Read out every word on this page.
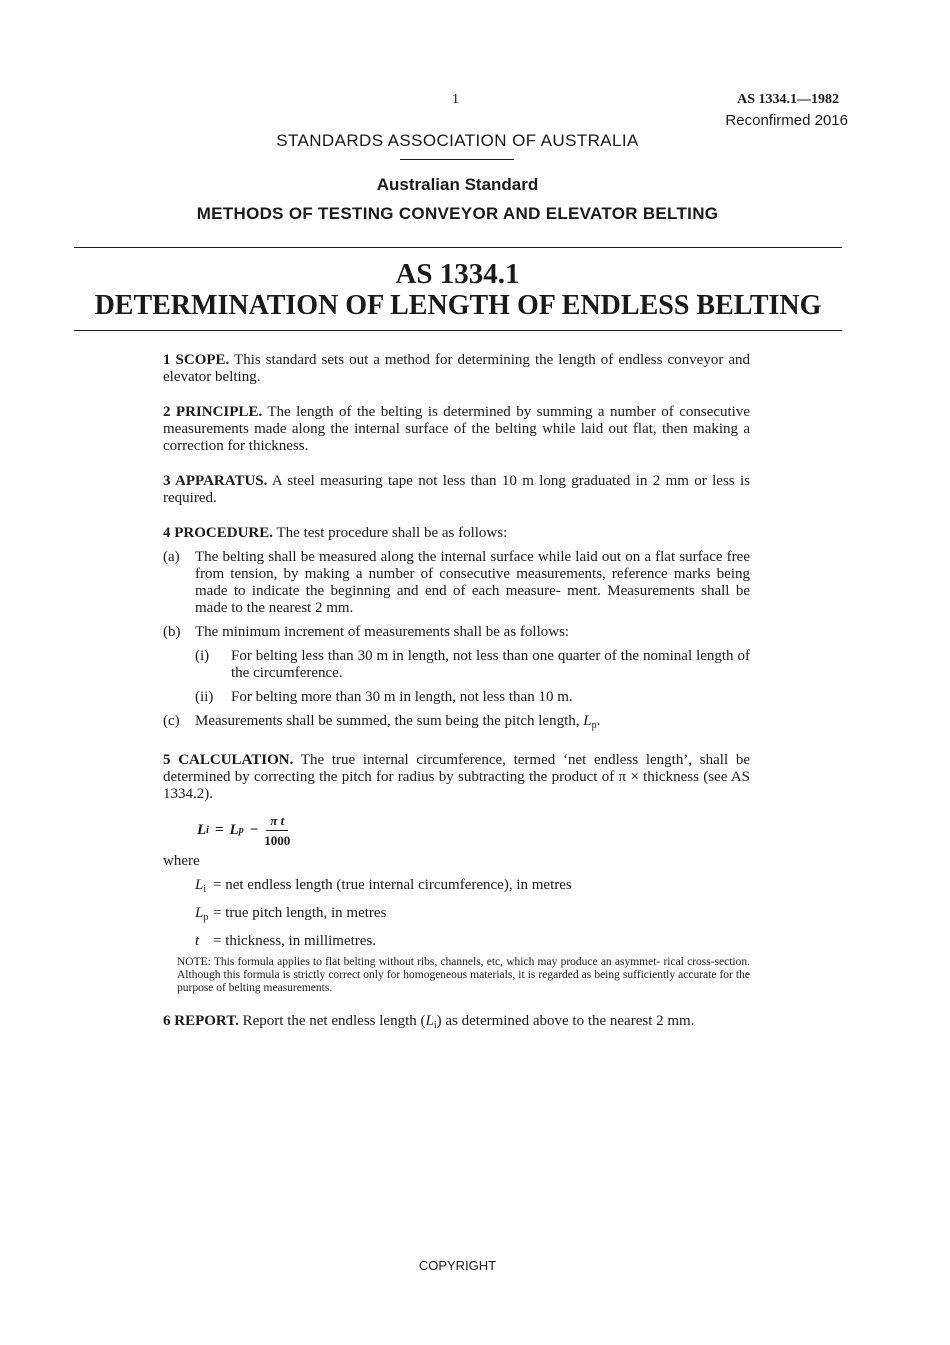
1	AS 1334.1—1982
Reconfirmed 2016
STANDARDS ASSOCIATION OF AUSTRALIA
Australian Standard
METHODS OF TESTING CONVEYOR AND ELEVATOR BELTING
AS 1334.1
DETERMINATION OF LENGTH OF ENDLESS BELTING

1 SCOPE. This standard sets out a method for determining the length of endless conveyor and elevator belting.

2 PRINCIPLE. The length of the belting is determined by summing a number of consecutive measurements made along the internal surface of the belting while laid out flat, then making a correction for thickness.

3 APPARATUS. A steel measuring tape not less than 10 m long graduated in 2 mm or less is required.

4 PROCEDURE. The test procedure shall be as follows:

(a)	The belting shall be measured along the internal surface while laid out on a flat surface free from tension, by making a number of consecutive measurements, reference marks being made to indicate the beginning and end of each measure- ment. Measurements shall be made to the nearest 2 mm.
(b) The minimum increment of measurements shall be as follows:
(i)	For belting less than 30 m in length, not less than one quarter of the nominal length of the circumference.
(ii)	For belting more than 30 m in length, not less than 10 m.
(c)	Measurements shall be summed, the sum being the pitch length, $L_p$.

5 CALCULATION. The true internal circumference, termed ‘net endless length’, shall be determined by correcting the pitch for radius by subtracting the product of π × thickness (see AS 1334.2).

L i = L $p - \frac{\text{π t}}{1000}$
where
$L_i$ = net endless length (true internal circumference), in metres
$L_p$ = true pitch length, in metres
t = thickness, in millimetres.
NOTE: This formula applies to flat belting without ribs, channels, etc, which may produce an asymmet- rical cross-section. Although this formula is strictly correct only for homogeneous materials, it is regarded as being sufficiently accurate for the purpose of belting measurements.

6 REPORT. Report the net endless length $(L_i)$ as determined above to the nearest 2 mm.

COPYRIGHT
